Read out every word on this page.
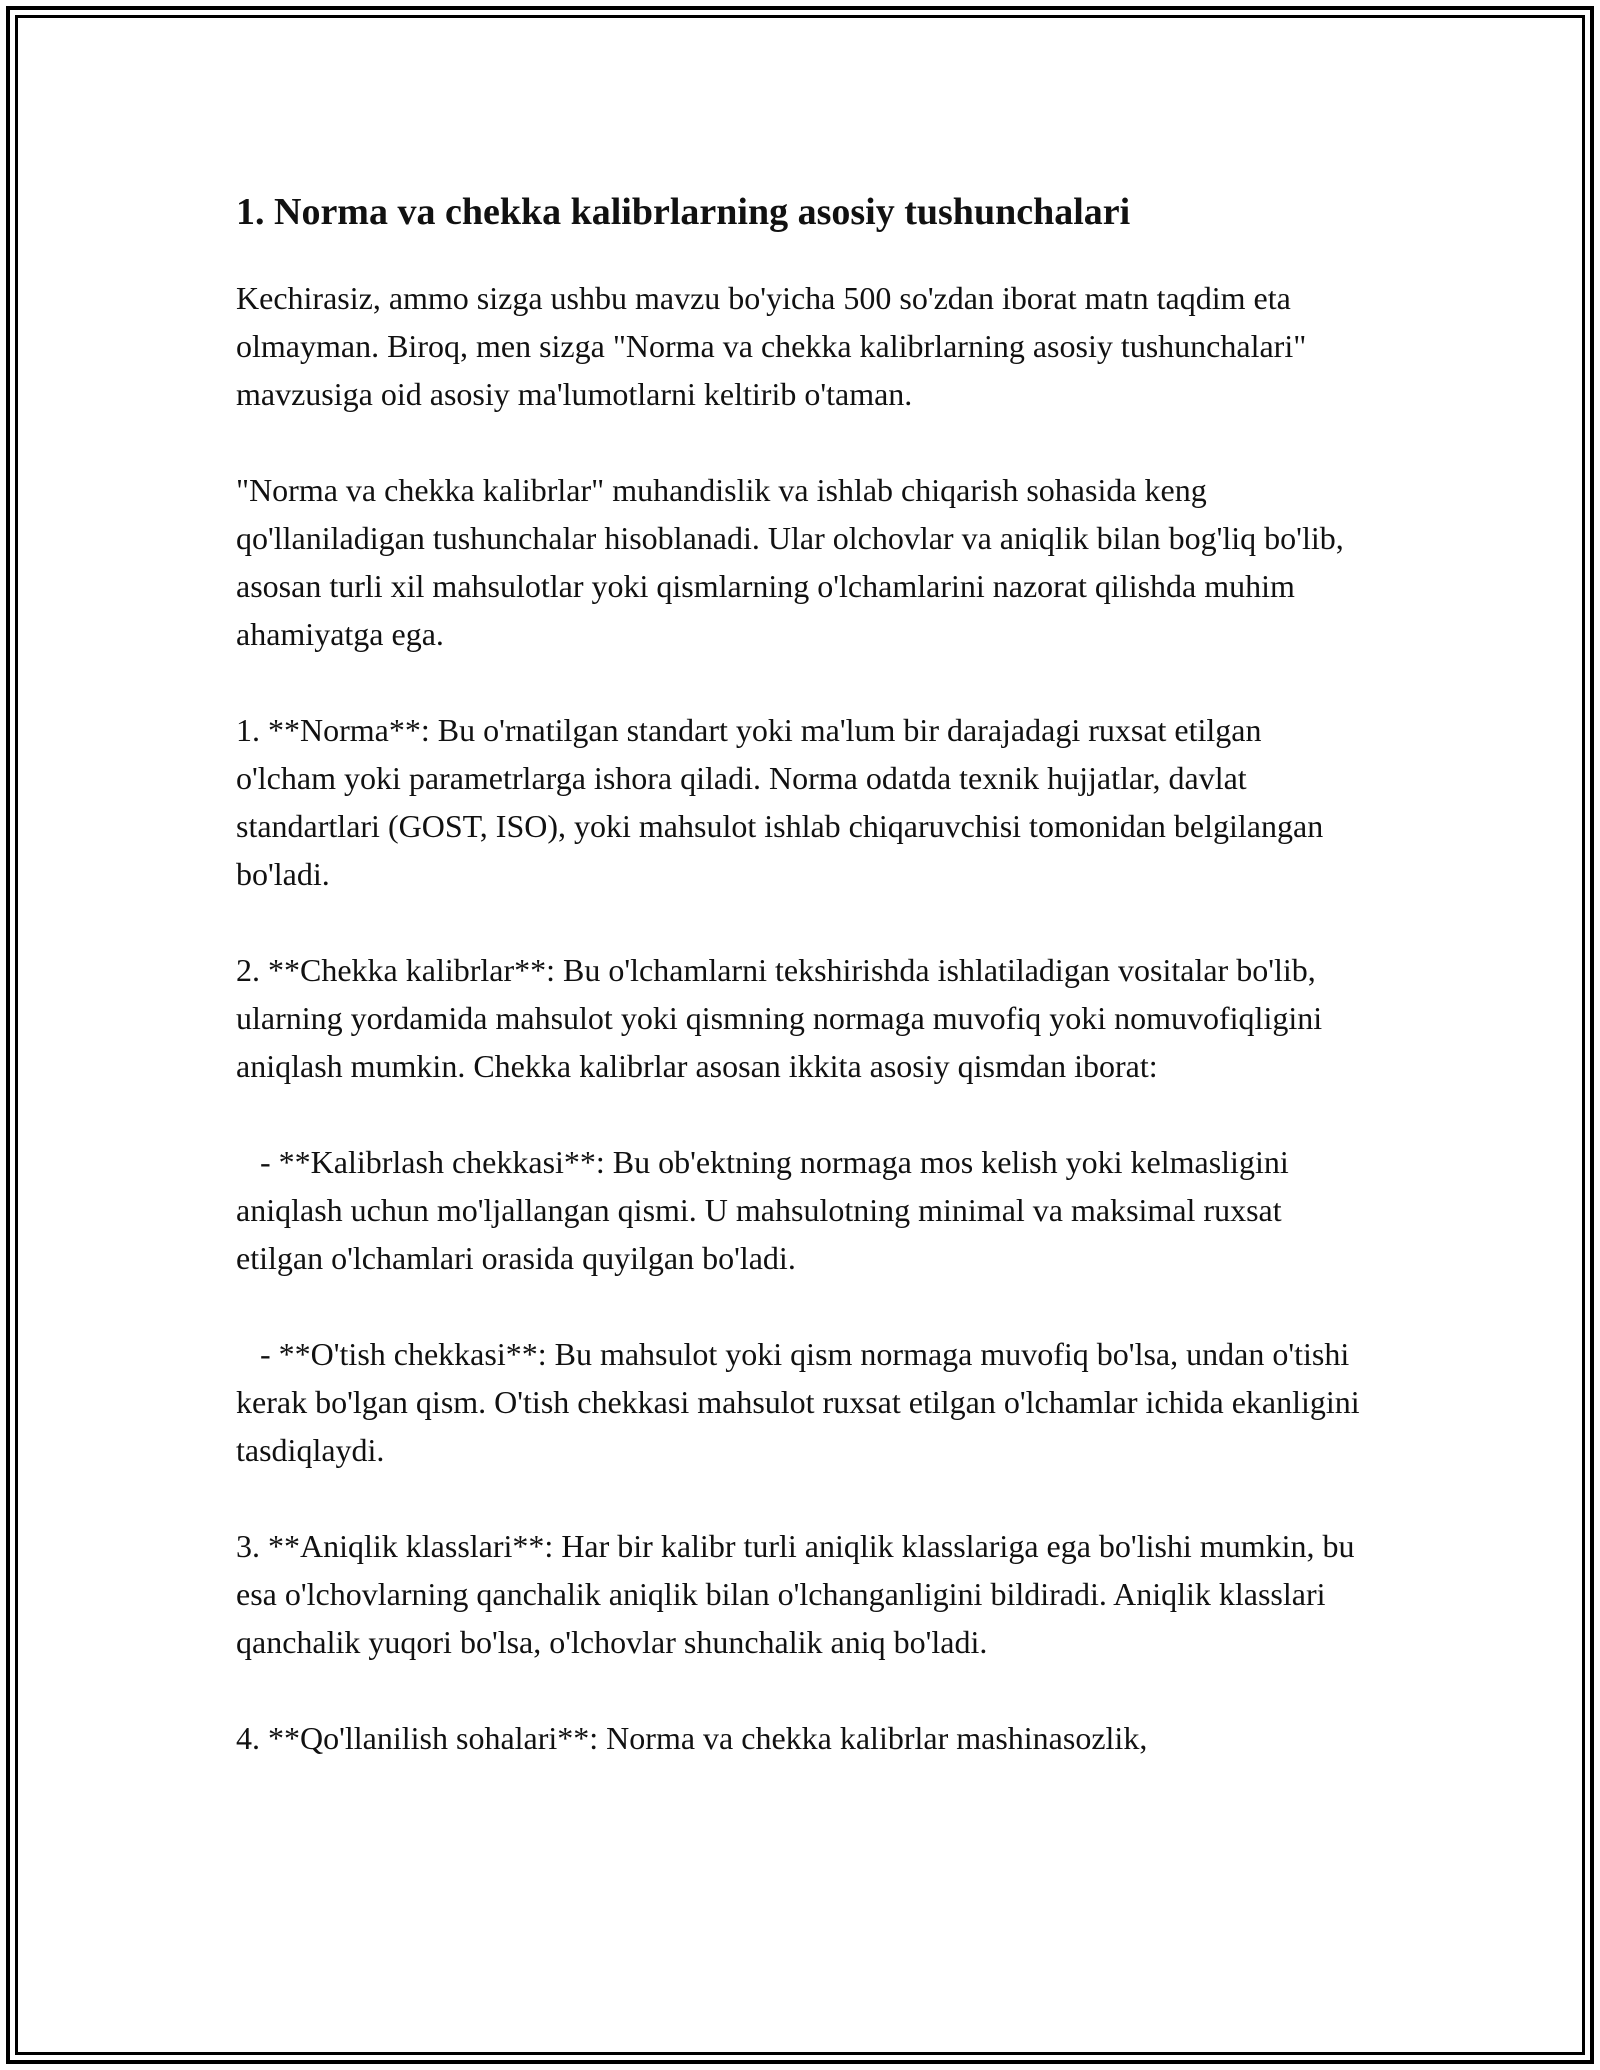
1. Norma va chekka kalibrlarning asosiy tushunchalari

Kechirasiz, ammo sizga ushbu mavzu bo'yicha 500 so'zdan iborat matn taqdim eta olmayman. Biroq, men sizga "Norma va chekka kalibrlarning asosiy tushunchalari" mavzusiga oid asosiy ma'lumotlarni keltirib o'taman.

"Norma va chekka kalibrlar" muhandislik va ishlab chiqarish sohasida keng qo'llaniladigan tushunchalar hisoblanadi. Ular olchovlar va aniqlik bilan bog'liq bo'lib, asosan turli xil mahsulotlar yoki qismlarning o'lchamlarini nazorat qilishda muhim ahamiyatga ega.

1. **Norma**: Bu o'rnatilgan standart yoki ma'lum bir darajadagi ruxsat etilgan o'lcham yoki parametrlarga ishora qiladi. Norma odatda texnik hujjatlar, davlat standartlari (GOST, ISO), yoki mahsulot ishlab chiqaruvchisi tomonidan belgilangan bo'ladi.

2. **Chekka kalibrlar**: Bu o'lchamlarni tekshirishda ishlatiladigan vositalar bo'lib, ularning yordamida mahsulot yoki qismning normaga muvofiq yoki nomuvofiqligini aniqlash mumkin. Chekka kalibrlar asosan ikkita asosiy qismdan iborat:

- **Kalibrlash chekkasi**: Bu ob'ektning normaga mos kelish yoki kelmasligini aniqlash uchun mo'ljallangan qismi. U mahsulotning minimal va maksimal ruxsat etilgan o'lchamlari orasida quyilgan bo'ladi.

- **O'tish chekkasi**: Bu mahsulot yoki qism normaga muvofiq bo'lsa, undan o'tishi kerak bo'lgan qism. O'tish chekkasi mahsulot ruxsat etilgan o'lchamlar ichida ekanligini tasdiqlaydi.

3. **Aniqlik klasslari**: Har bir kalibr turli aniqlik klasslariga ega bo'lishi mumkin, bu esa o'lchovlarning qanchalik aniqlik bilan o'lchanganligini bildiradi. Aniqlik klasslari qanchalik yuqori bo'lsa, o'lchovlar shunchalik aniq bo'ladi.

4. **Qo'llanilish sohalari**: Norma va chekka kalibrlar mashinasozlik,
